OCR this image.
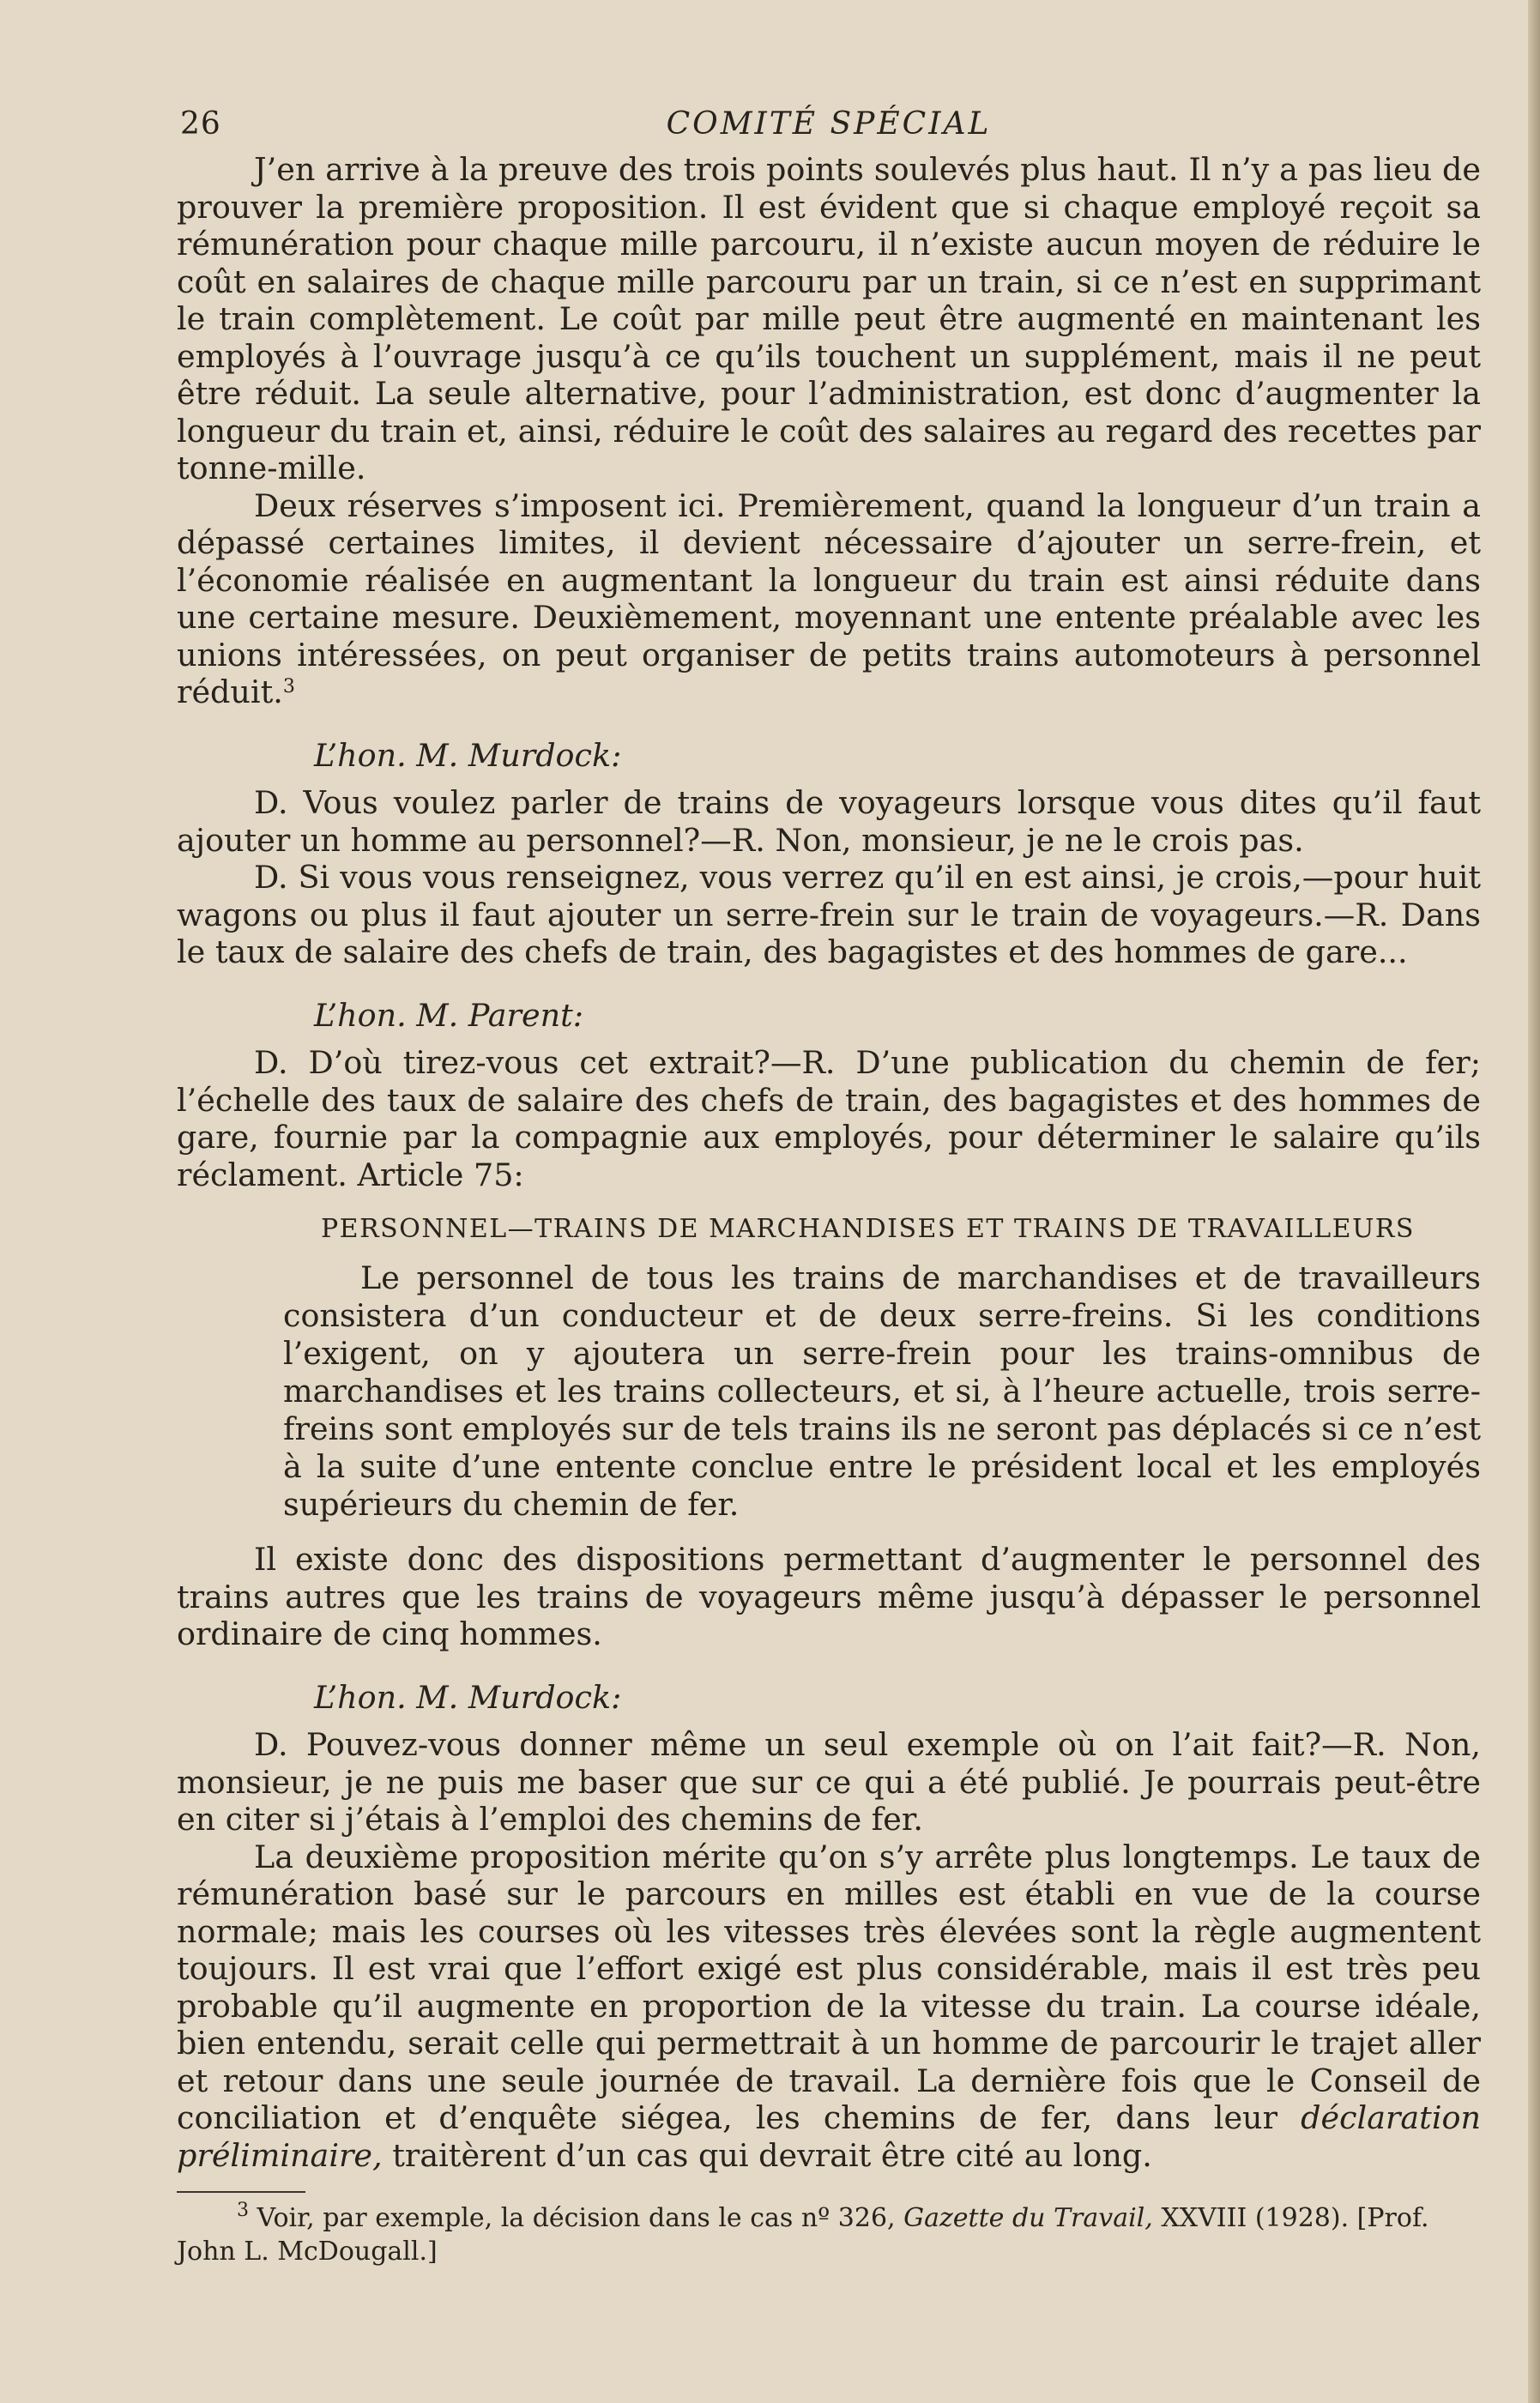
26	COMITÉ SPÉCIAL

J’en arrive à la preuve des trois points soulevés plus haut. Il n’y a pas lieu de prouver la première proposition. Il est évident que si chaque employé reçoit sa rémunération pour chaque mille parcouru, il n’existe aucun moyen de réduire le coût en salaires de chaque mille parcouru par un train, si ce n’est en supprimant le train complètement. Le coût par mille peut être augmenté en maintenant les employés à l’ouvrage jusqu’à ce qu’ils touchent un supplément, mais il ne peut être réduit. La seule alternative, pour l’administration, est donc d’augmenter la longueur du train et, ainsi, réduire le coût des salaires au regard des recettes par tonne-mille.

Deux réserves s’imposent ici. Premièrement, quand la longueur d’un train a dépassé certaines limites, il devient nécessaire d’ajouter un serre-frein, et l’économie réalisée en augmentant la longueur du train est ainsi réduite dans une certaine mesure. Deuxièmement, moyennant une entente préalable avec les unions intéressées, on peut organiser de petits trains automoteurs à personnel réduit.$^3$

L’hon. M. Murdock:

D. Vous voulez parler de trains de voyageurs lorsque vous dites qu’il faut ajouter un homme au personnel?—R. Non, monsieur, je ne le crois pas.

D. Si vous vous renseignez, vous verrez qu’il en est ainsi, je crois,—pour huit wagons ou plus il faut ajouter un serre-frein sur le train de voyageurs.—R. Dans le taux de salaire des chefs de train, des bagagistes et des hommes de gare...

L’hon. M. Parent:

D. D’où tirez-vous cet extrait?—R. D’une publication du chemin de fer; l’échelle des taux de salaire des chefs de train, des bagagistes et des hommes de gare, fournie par la compagnie aux employés, pour déterminer le salaire qu’ils réclament. Article 75:

PERSONNEL—TRAINS DE MARCHANDISES ET TRAINS DE TRAVAILLEURS

Le personnel de tous les trains de marchandises et de travailleurs consistera d’un conducteur et de deux serre-freins. Si les conditions l’exigent, on y ajoutera un serre-frein pour les trains-omnibus de marchandises et les trains collecteurs, et si, à l’heure actuelle, trois serre-freins sont employés sur de tels trains ils ne seront pas déplacés si ce n’est à la suite d’une entente conclue entre le président local et les employés supérieurs du chemin de fer.

Il existe donc des dispositions permettant d’augmenter le personnel des trains autres que les trains de voyageurs même jusqu’à dépasser le personnel ordinaire de cinq hommes.

L’hon. M. Murdock:

D. Pouvez-vous donner même un seul exemple où on l’ait fait?—R. Non, monsieur, je ne puis me baser que sur ce qui a été publié. Je pourrais peut-être en citer si j’étais à l’emploi des chemins de fer.

La deuxième proposition mérite qu’on s’y arrête plus longtemps. Le taux de rémunération basé sur le parcours en milles est établi en vue de la course normale; mais les courses où les vitesses très élevées sont la règle augmentent toujours. Il est vrai que l’effort exigé est plus considérable, mais il est très peu probable qu’il augmente en proportion de la vitesse du train. La course idéale, bien entendu, serait celle qui permettrait à un homme de parcourir le trajet aller et retour dans une seule journée de travail. La dernière fois que le Conseil de conciliation et d’enquête siégea, les chemins de fer, dans leur déclaration préliminaire, traitèrent d’un cas qui devrait être cité au long.

$^3$ Voir, par exemple, la décision dans le cas nº 326, Gazette du Travail, XXVIII (1928). [Prof. John L. McDougall.]
